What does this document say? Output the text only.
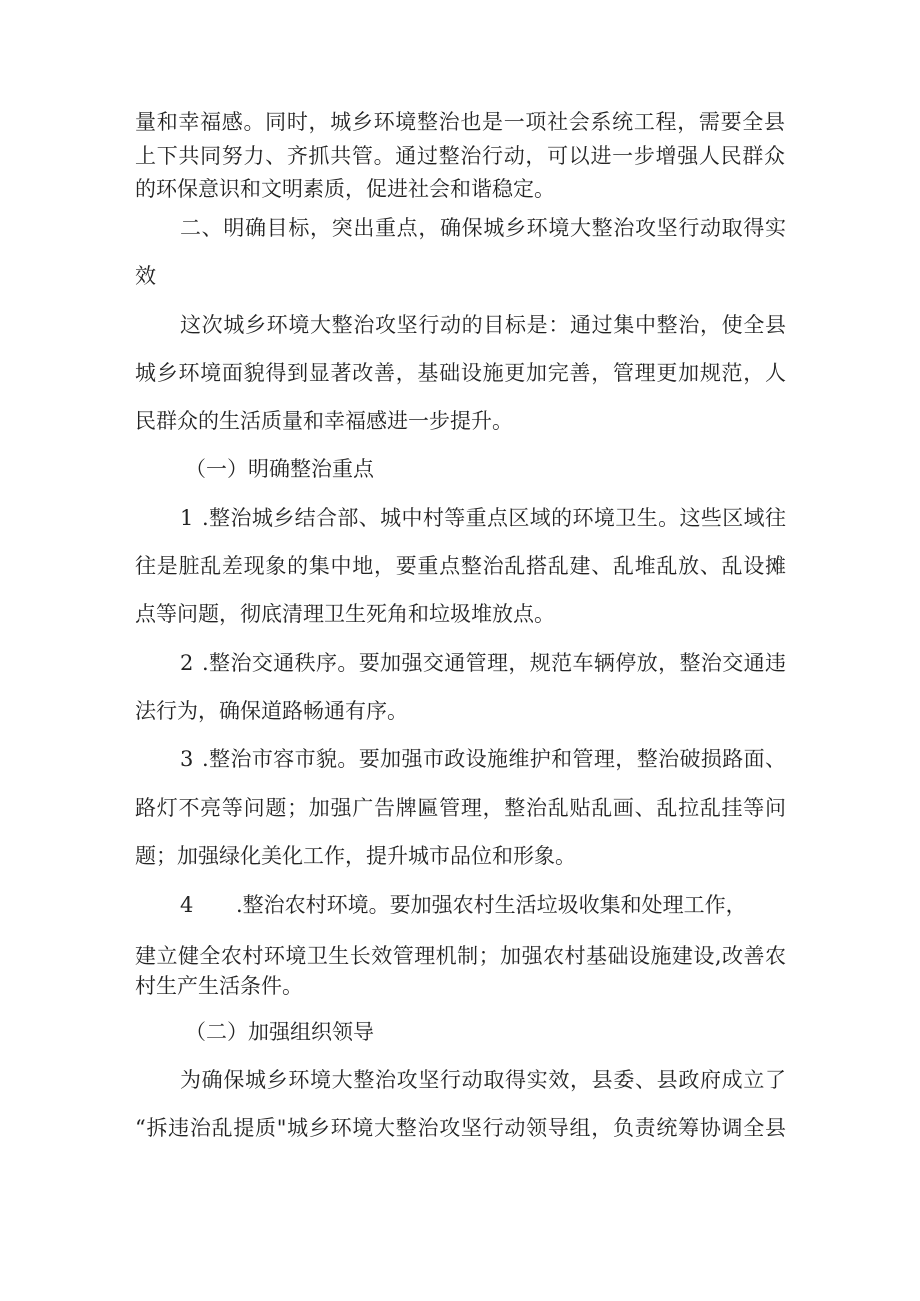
量和幸福感。同时，城乡环境整治也是一项社会系统工程，需要全县
上下共同努力、齐抓共管。通过整治行动，可以进一步增强人民群众
的环保意识和文明素质，促进社会和谐稳定。
二、明确目标，突出重点，确保城乡环境大整治攻坚行动取得实
效
这次城乡环境大整治攻坚行动的目标是：通过集中整治，使全县
城乡环境面貌得到显著改善，基础设施更加完善，管理更加规范，人
民群众的生活质量和幸福感进一步提升。
（一）明确整治重点
1 .整治城乡结合部、城中村等重点区域的环境卫生。这些区域往
往是脏乱差现象的集中地，要重点整治乱搭乱建、乱堆乱放、乱设摊
点等问题，彻底清理卫生死角和垃圾堆放点。
2 .整治交通秩序。要加强交通管理，规范车辆停放，整治交通违
法行为，确保道路畅通有序。
3 .整治市容市貌。要加强市政设施维护和管理，整治破损路面、
路灯不亮等问题；加强广告牌匾管理，整治乱贴乱画、乱拉乱挂等问
题；加强绿化美化工作，提升城市品位和形象。
4 .整治农村环境。要加强农村生活垃圾收集和处理工作，
建立健全农村环境卫生长效管理机制；加强农村基础设施建设,改善农
村生产生活条件。
（二）加强组织领导
为确保城乡环境大整治攻坚行动取得实效，县委、县政府成立了
“拆违治乱提质"城乡环境大整治攻坚行动领导组，负责统筹协调全县
